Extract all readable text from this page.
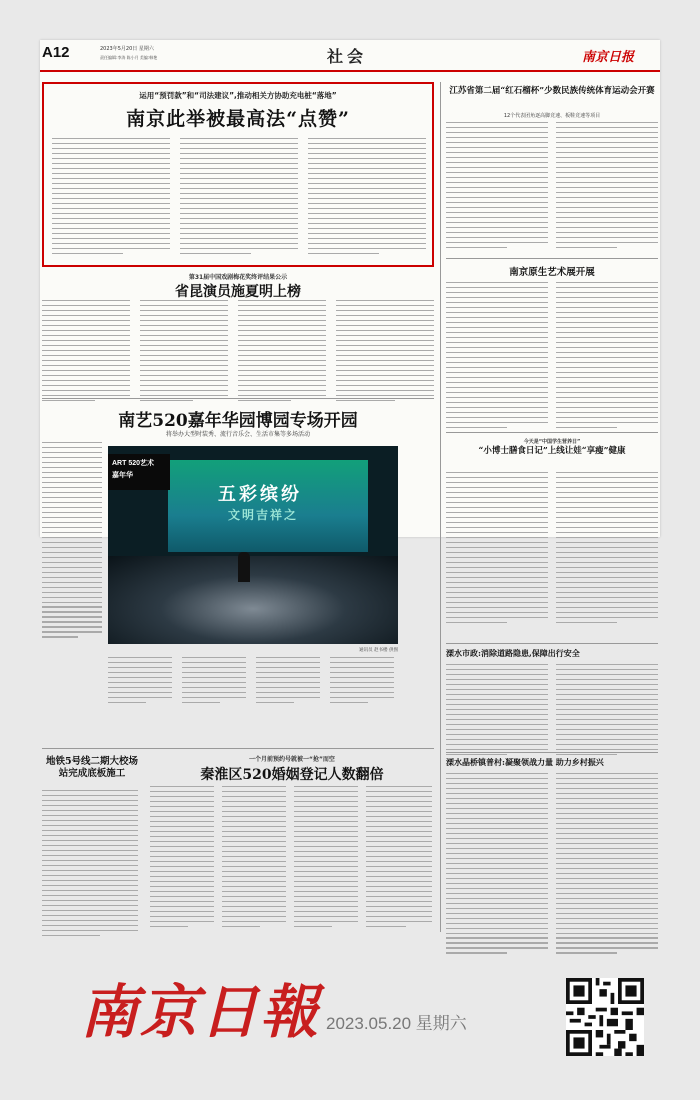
A12	2023年5月20日 星期六
责任编辑:李涛 陈小月 美编:韩艳	社会	南京日报
运用“预罚款”和“司法建议”,推动相关方协助充电桩“落地”
南京此举被最高法“点赞”
第31届中国戏剧梅花奖终评结果公示
省昆演员施夏明上榜
南艺520嘉年华园博园专场开园
将举办大型时装秀、流行音乐会、生活市集等多场活动
ART 520艺术
嘉年华
五彩缤纷
文明吉祥之
通讯员 赵书楼 供图
地铁5号线二期大校场站完成底板施工
一个月前预约号就被一“抢”而空
秦淮区520婚姻登记人数翻倍
江苏省第二届“红石榴杯”少数民族传统体育运动会开赛
12个代表团角逐高脚竞速、板鞋竞速等项目
南京原生艺术展开展
今天是“中国学生营养日”
“小博士膳食日记”上线让娃“享瘦”健康
溧水市政:消除道路隐患,保障出行安全
溧水晶桥镇普村:凝聚领战力量 助力乡村振兴
南京日報 2023.05.20 星期六
